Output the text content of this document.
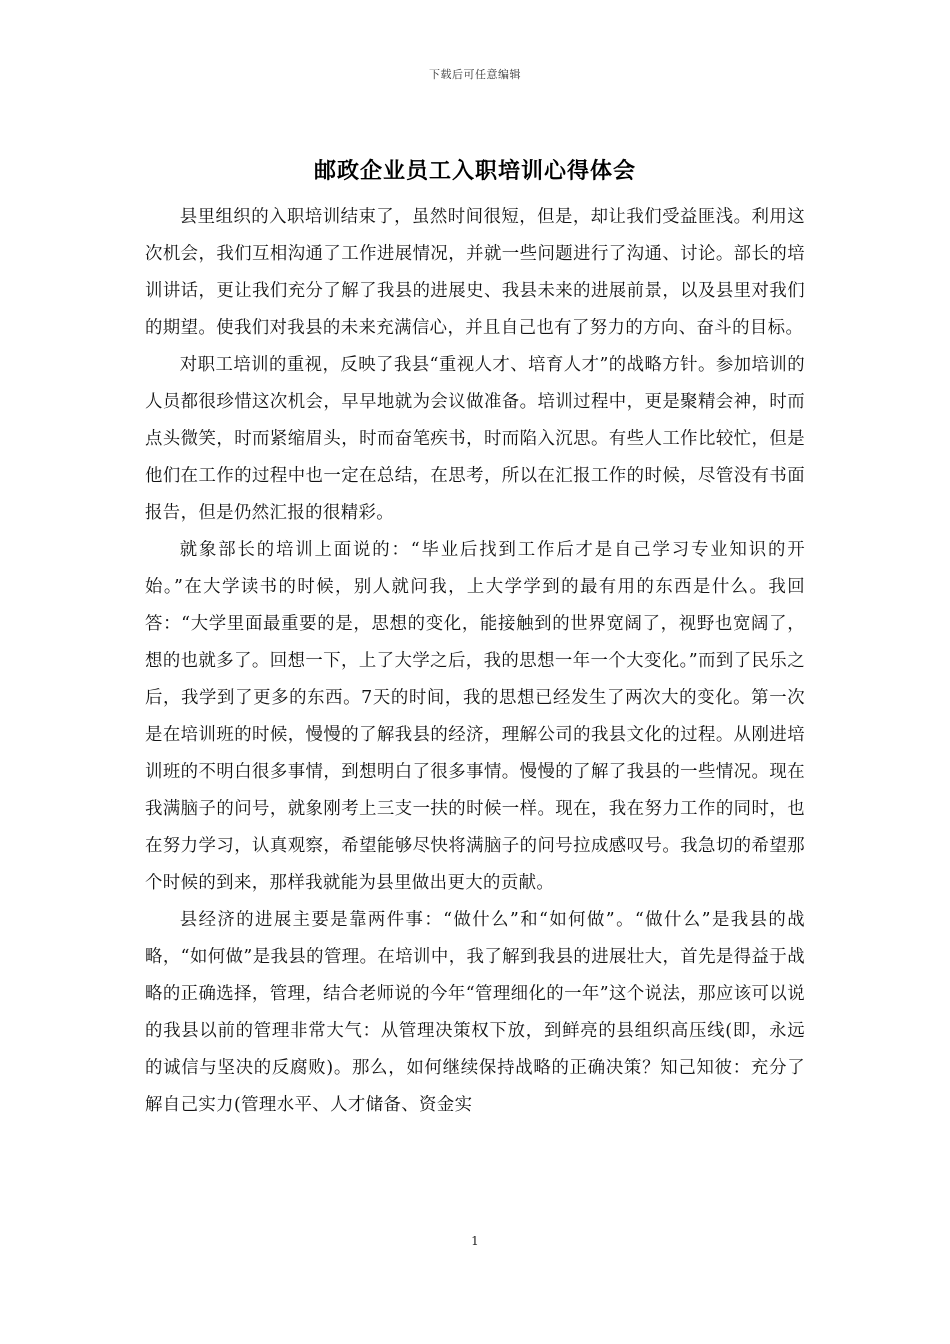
下载后可任意编辑
邮政企业员工入职培训心得体会

县里组织的入职培训结束了，虽然时间很短，但是，却让我们受益匪浅。利用这次机会，我们互相沟通了工作进展情况，并就一些问题进行了沟通、讨论。部长的培训讲话，更让我们充分了解了我县的进展史、我县未来的进展前景，以及县里对我们的期望。使我们对我县的未来充满信心，并且自己也有了努力的方向、奋斗的目标。

对职工培训的重视，反映了我县“重视人才、培育人才”的战略方针。参加培训的人员都很珍惜这次机会，早早地就为会议做准备。培训过程中，更是聚精会神，时而点头微笑，时而紧缩眉头，时而奋笔疾书，时而陷入沉思。有些人工作比较忙，但是他们在工作的过程中也一定在总结，在思考，所以在汇报工作的时候，尽管没有书面报告，但是仍然汇报的很精彩。

就象部长的培训上面说的：“毕业后找到工作后才是自己学习专业知识的开始。”在大学读书的时候，别人就问我，上大学学到的最有用的东西是什么。我回答：“大学里面最重要的是，思想的变化，能接触到的世界宽阔了，视野也宽阔了，想的也就多了。回想一下，上了大学之后，我的思想一年一个大变化。”而到了民乐之后，我学到了更多的东西。7天的时间，我的思想已经发生了两次大的变化。第一次是在培训班的时候，慢慢的了解我县的经济，理解公司的我县文化的过程。从刚进培训班的不明白很多事情，到想明白了很多事情。慢慢的了解了我县的一些情况。现在我满脑子的问号，就象刚考上三支一扶的时候一样。现在，我在努力工作的同时，也在努力学习，认真观察，希望能够尽快将满脑子的问号拉成感叹号。我急切的希望那个时候的到来，那样我就能为县里做出更大的贡献。

县经济的进展主要是靠两件事：“做什么”和“如何做”。“做什么”是我县的战略，“如何做”是我县的管理。在培训中，我了解到我县的进展壮大，首先是得益于战略的正确选择，管理，结合老师说的今年“管理细化的一年”这个说法，那应该可以说的我县以前的管理非常大气：从管理决策权下放，到鲜亮的县组织高压线(即，永远的诚信与坚决的反腐败)。那么，如何继续保持战略的正确决策？知己知彼：充分了解自己实力(管理水平、人才储备、资金实

1
